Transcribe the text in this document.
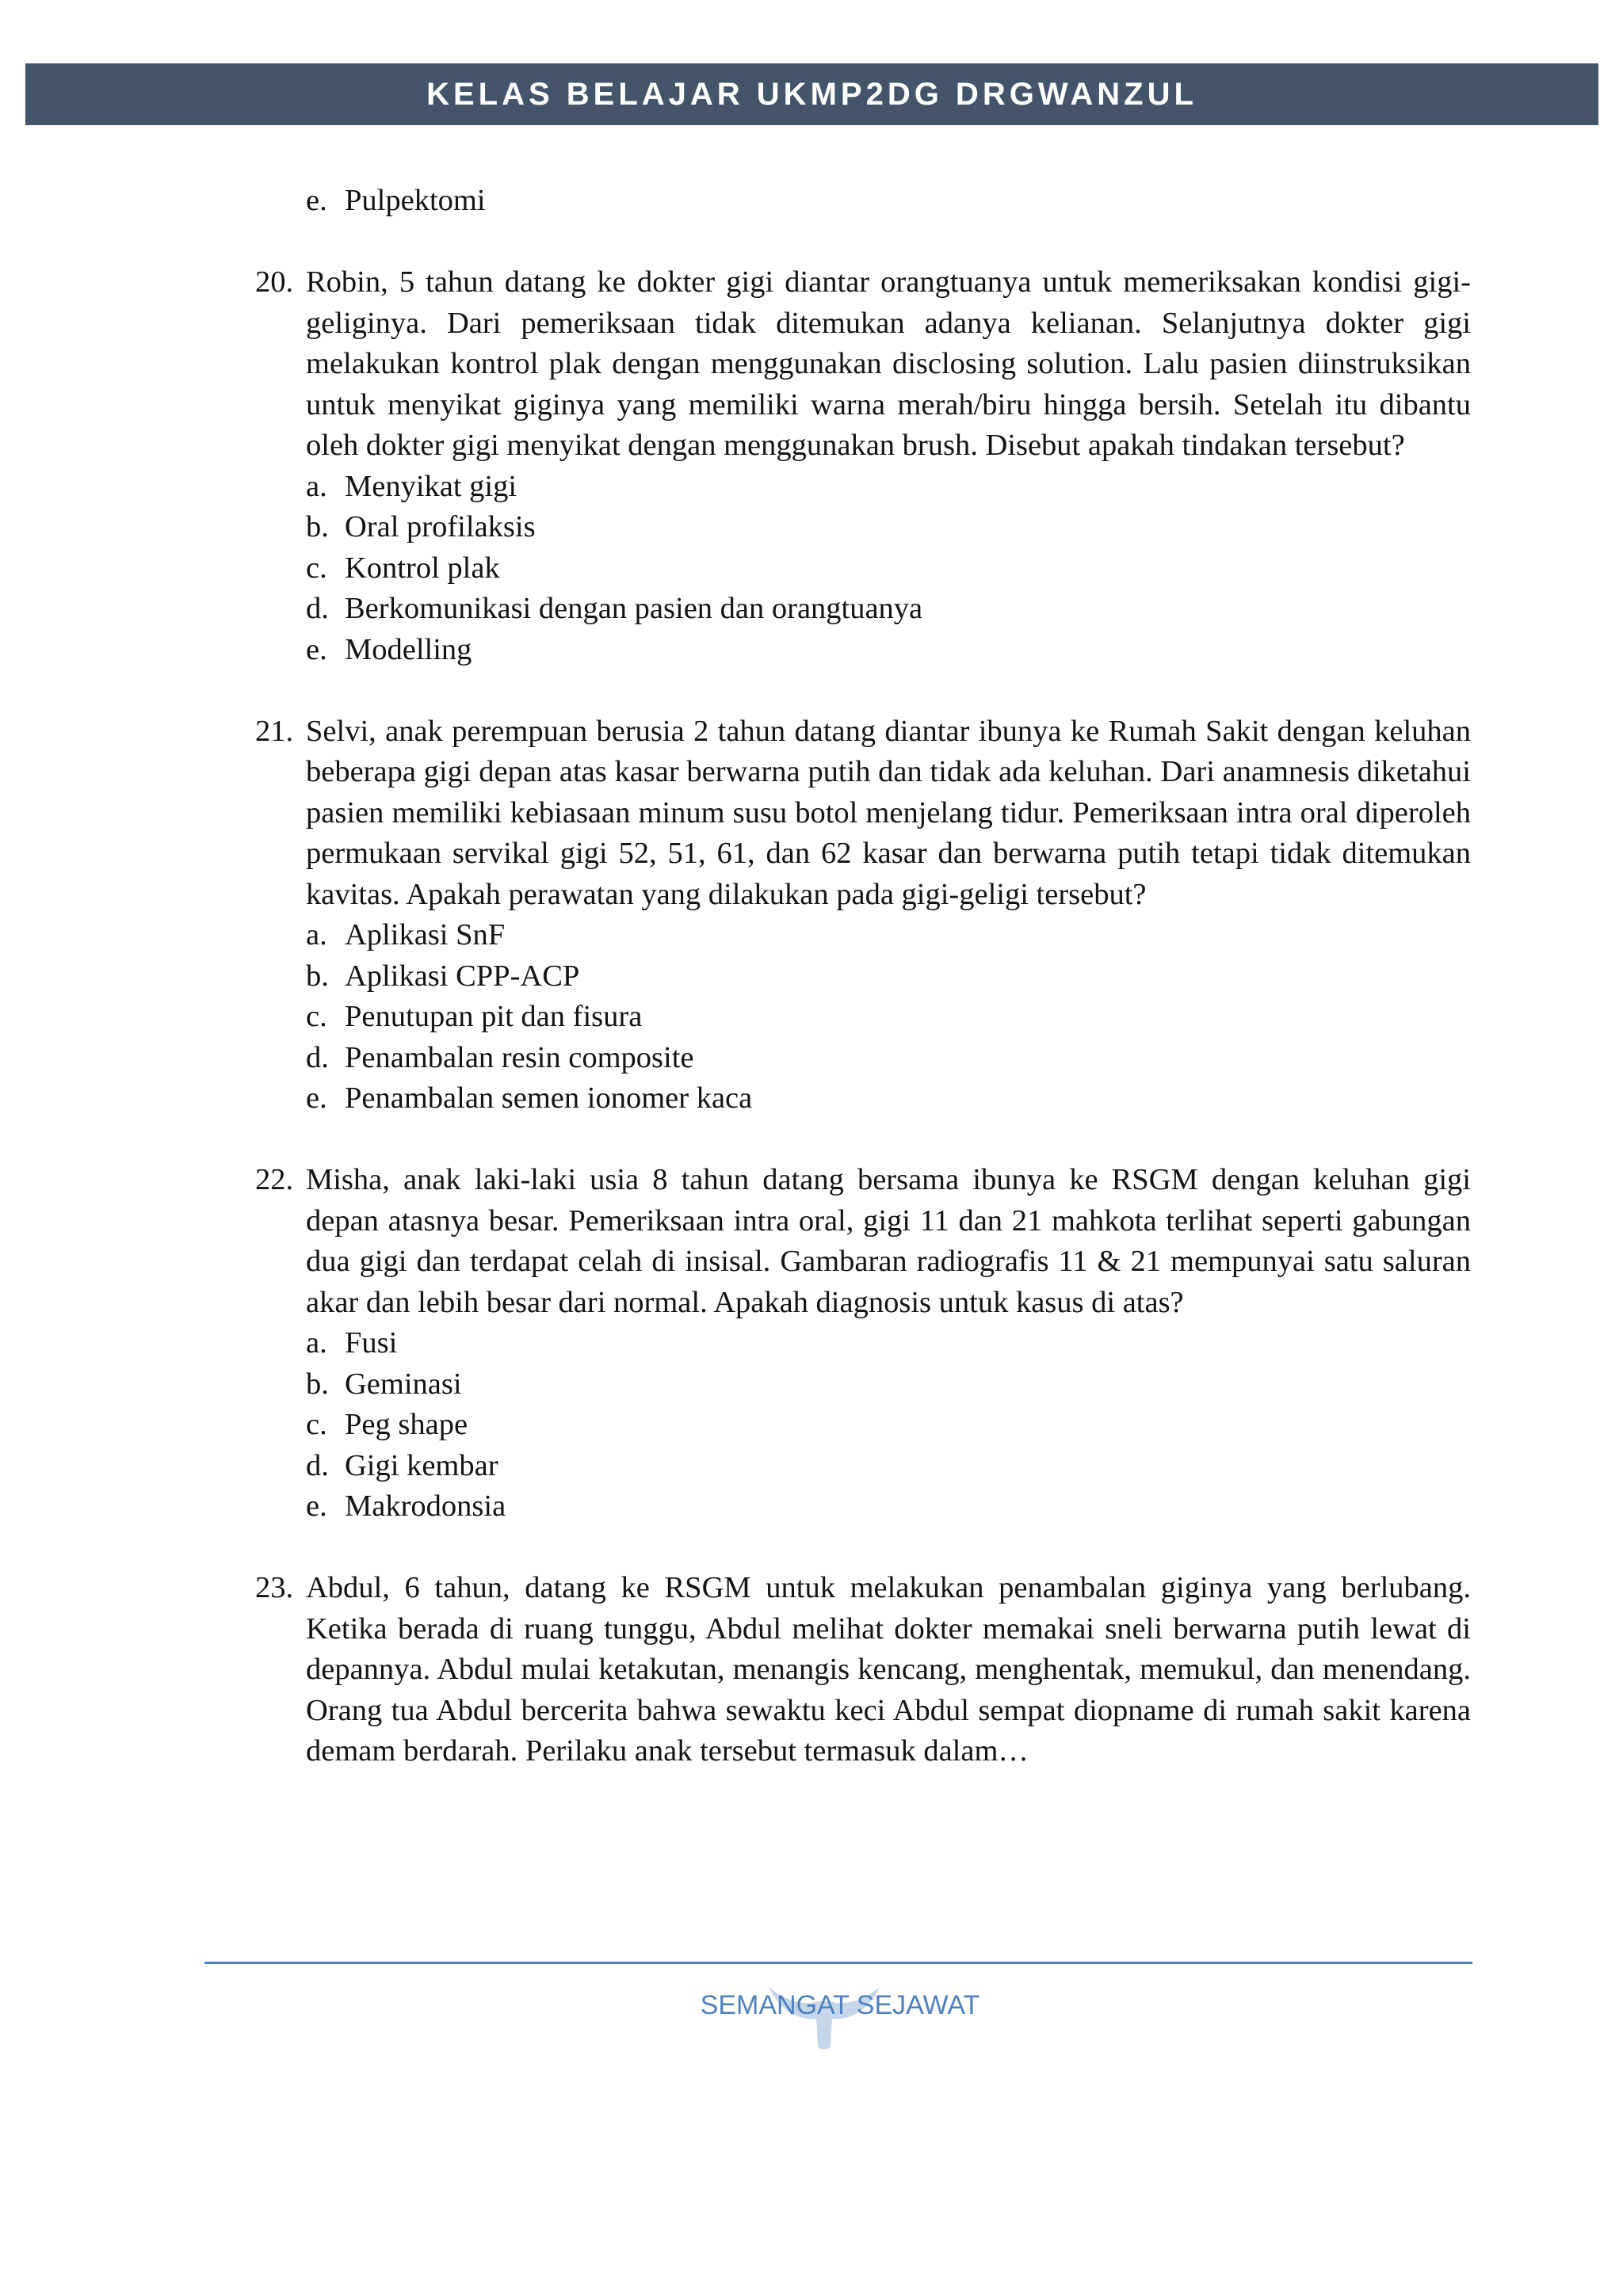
KELAS BELAJAR UKMP2DG DRGWANZUL
e. Pulpektomi
20. Robin, 5 tahun datang ke dokter gigi diantar orangtuanya untuk memeriksakan kondisi gigi-geliginya. Dari pemeriksaan tidak ditemukan adanya kelianan. Selanjutnya dokter gigi melakukan kontrol plak dengan menggunakan disclosing solution. Lalu pasien diinstruksikan untuk menyikat giginya yang memiliki warna merah/biru hingga bersih. Setelah itu dibantu oleh dokter gigi menyikat dengan menggunakan brush. Disebut apakah tindakan tersebut?
a. Menyikat gigi
b. Oral profilaksis
c. Kontrol plak
d. Berkomunikasi dengan pasien dan orangtuanya
e. Modelling
21. Selvi, anak perempuan berusia 2 tahun datang diantar ibunya ke Rumah Sakit dengan keluhan beberapa gigi depan atas kasar berwarna putih dan tidak ada keluhan. Dari anamnesis diketahui pasien memiliki kebiasaan minum susu botol menjelang tidur. Pemeriksaan intra oral diperoleh permukaan servikal gigi 52, 51, 61, dan 62 kasar dan berwarna putih tetapi tidak ditemukan kavitas. Apakah perawatan yang dilakukan pada gigi-geligi tersebut?
a. Aplikasi SnF
b. Aplikasi CPP-ACP
c. Penutupan pit dan fisura
d. Penambalan resin composite
e. Penambalan semen ionomer kaca
22. Misha, anak laki-laki usia 8 tahun datang bersama ibunya ke RSGM dengan keluhan gigi depan atasnya besar. Pemeriksaan intra oral, gigi 11 dan 21 mahkota terlihat seperti gabungan dua gigi dan terdapat celah di insisal. Gambaran radiografis 11 & 21 mempunyai satu saluran akar dan lebih besar dari normal. Apakah diagnosis untuk kasus di atas?
a. Fusi
b. Geminasi
c. Peg shape
d. Gigi kembar
e. Makrodonsia
23. Abdul, 6 tahun, datang ke RSGM untuk melakukan penambalan giginya yang berlubang. Ketika berada di ruang tunggu, Abdul melihat dokter memakai sneli berwarna putih lewat di depannya. Abdul mulai ketakutan, menangis kencang, menghentak, memukul, dan menendang. Orang tua Abdul bercerita bahwa sewaktu keci Abdul sempat diopname di rumah sakit karena demam berdarah. Perilaku anak tersebut termasuk dalam…
SEMANGAT SEJAWAT
